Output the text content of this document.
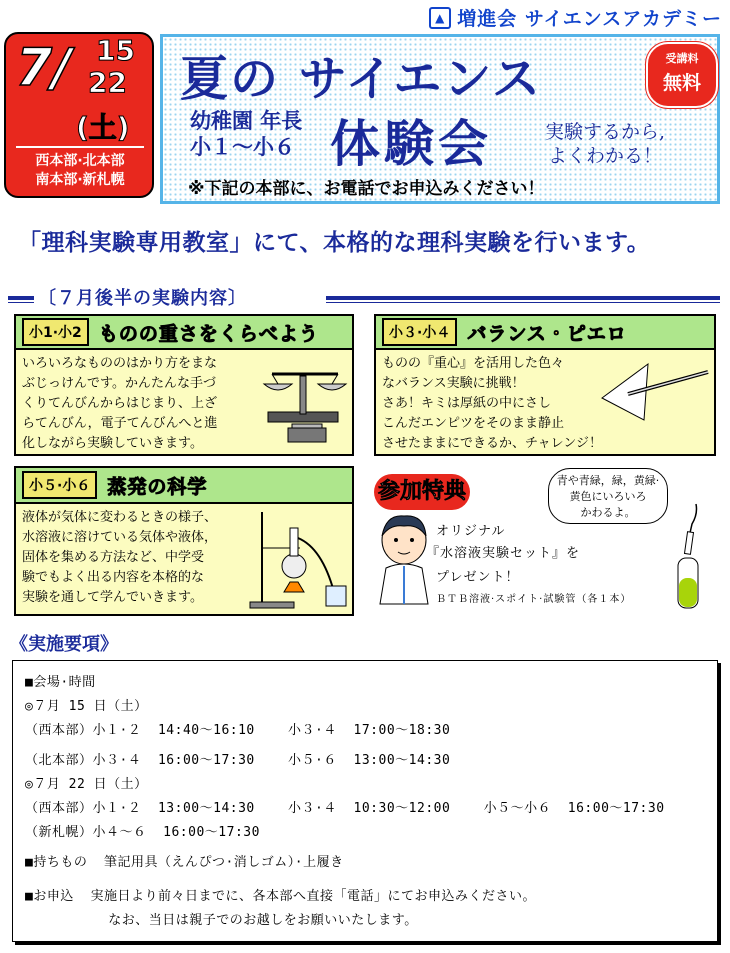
▲ 増進会 サイエンスアカデミー
7/ 15
22
(土)
西本部·北本部
南本部·新札幌
夏の サイエンス
幼稚園 年長
小１～小６ 体験会	実験するから,
よくわかる！
※下記の本部に、お電話でお申込みください！
受講料
無料
「理科実験専用教室」にて、本格的な理科実験を行います。
〔７月後半の実験内容〕
小1·小2 ものの重さをくらべよう
いろいろなもののはかり方をまな
ぶじっけんです。かんたんな手づ
くりてんびんからはじまり、上ざ
らてんびん，電子てんびんへと進
化しながら実験していきます。
小３·小４ バランス・ピエロ
ものの『重心』を活用した色々
なバランス実験に挑戦！
さあ！キミは厚紙の中にさし
こんだエンピツをそのまま静止
させたままにできるか、チャレンジ！
小５·小６ 蒸発の科学
液体が気体に変わるときの様子、
水溶液に溶けている気体や液体，
固体を集める方法など、中学受
験でもよく出る内容を本格的な
実験を通して学んでいきます。
参加特典	青や青緑，緑，黄緑·
黄色にいろいろ
かわるよ。
オリジナル
『水溶液実験セット』を
プレゼント！
ＢＴＢ溶液·スポイト·試験管（各１本）
《実施要項》
■会場·時間
◎７月 15 日（土）
（西本部）小１·２  14:40～16:10    小３·４  17:00～18:30
（北本部）小３·４  16:00～17:30    小５·６  13:00～14:30
◎７月 22 日（土）
（西本部）小１·２  13:00～14:30    小３·４  10:30～12:00    小５～小６  16:00～17:30
（新札幌）小４～６  16:00～17:30
■持ちもの  筆記用具（えんぴつ·消しゴム）·上履き
■お申込  実施日より前々日までに、各本部へ直接「電話」にてお申込みください。
なお、当日は親子でのお越しをお願いいたします。
